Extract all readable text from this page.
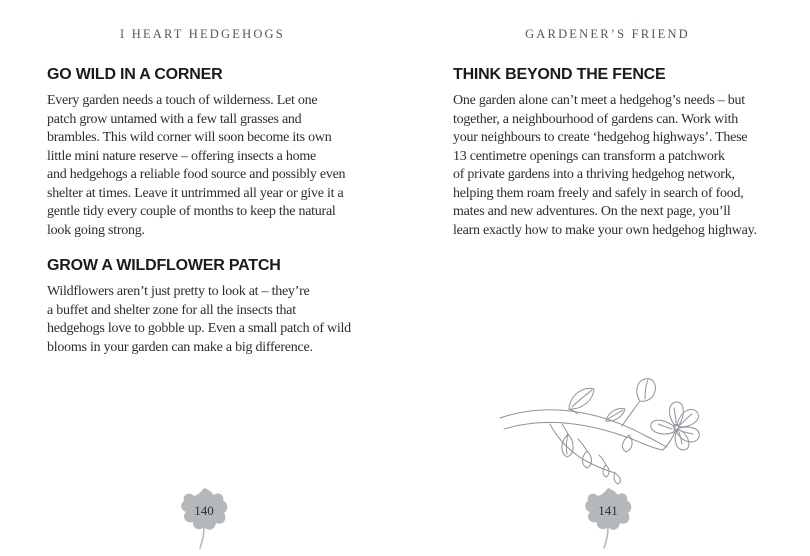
I HEART HEDGEHOGS
GO WILD IN A CORNER
Every garden needs a touch of wilderness. Let one
patch grow untamed with a few tall grasses and
brambles. This wild corner will soon become its own
little mini nature reserve – offering insects a home
and hedgehogs a reliable food source and possibly even
shelter at times. Leave it untrimmed all year or give it a
gentle tidy every couple of months to keep the natural
look going strong.
GROW A WILDFLOWER PATCH
Wildflowers aren’t just pretty to look at – they’re
a buffet and shelter zone for all the insects that
hedgehogs love to gobble up. Even a small patch of wild
blooms in your garden can make a big difference.
GARDENER’S FRIEND
THINK BEYOND THE FENCE
One garden alone can’t meet a hedgehog’s needs – but
together, a neighbourhood of gardens can. Work with
your neighbours to create ‘hedgehog highways’. These
13 centimetre openings can transform a patchwork
of private gardens into a thriving hedgehog network,
helping them roam freely and safely in search of food,
mates and new adventures. On the next page, you’ll
learn exactly how to make your own hedgehog highway.
140	141
